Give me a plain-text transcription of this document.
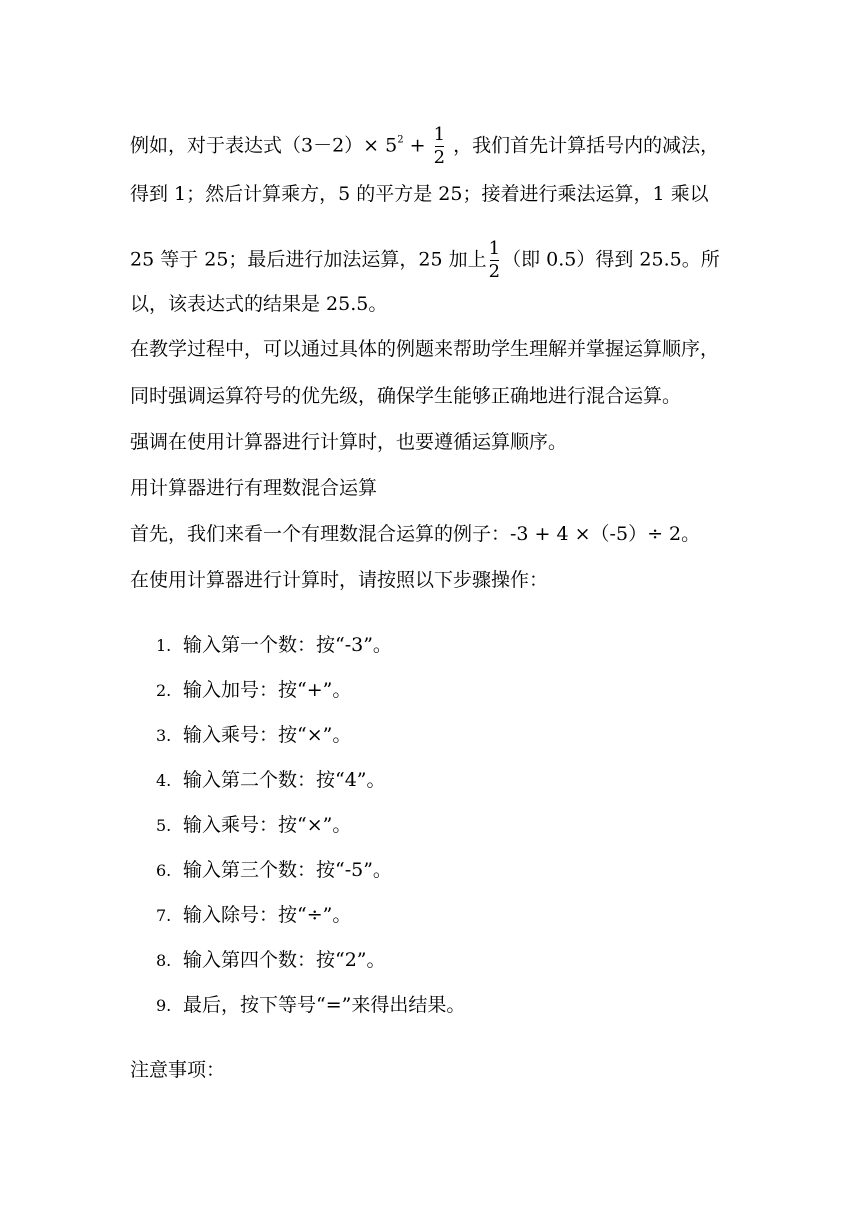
例如，对于表达式$(3-2)\times 5^2 + \frac{1}{2}$ ，我们首先计算括号内的减法，
得到 1；然后计算乘方，5 的平方是 25；接着进行乘法运算，1 乘以
25 等于 25；最后进行加法运算，25 加上 $\frac{1}{2}$ （即 0.5）得到 25.5。所
以，该表达式的结果是 25.5。
在教学过程中，可以通过具体的例题来帮助学生理解并掌握运算顺序，
同时强调运算符号的优先级，确保学生能够正确地进行混合运算。
强调在使用计算器进行计算时，也要遵循运算顺序。
用计算器进行有理数混合运算
首先，我们来看一个有理数混合运算的例子：-3 + 4 ×（-5）÷ 2。
在使用计算器进行计算时，请按照以下步骤操作：
1. 输入第一个数：按“-3”。
2. 输入加号：按“+”。
3. 输入乘号：按“×”。
4. 输入第二个数：按“4”。
5. 输入乘号：按“×”。
6. 输入第三个数：按“-5”。
7. 输入除号：按“÷”。
8. 输入第四个数：按“2”。
9. 最后，按下等号“=”来得出结果。
注意事项：
